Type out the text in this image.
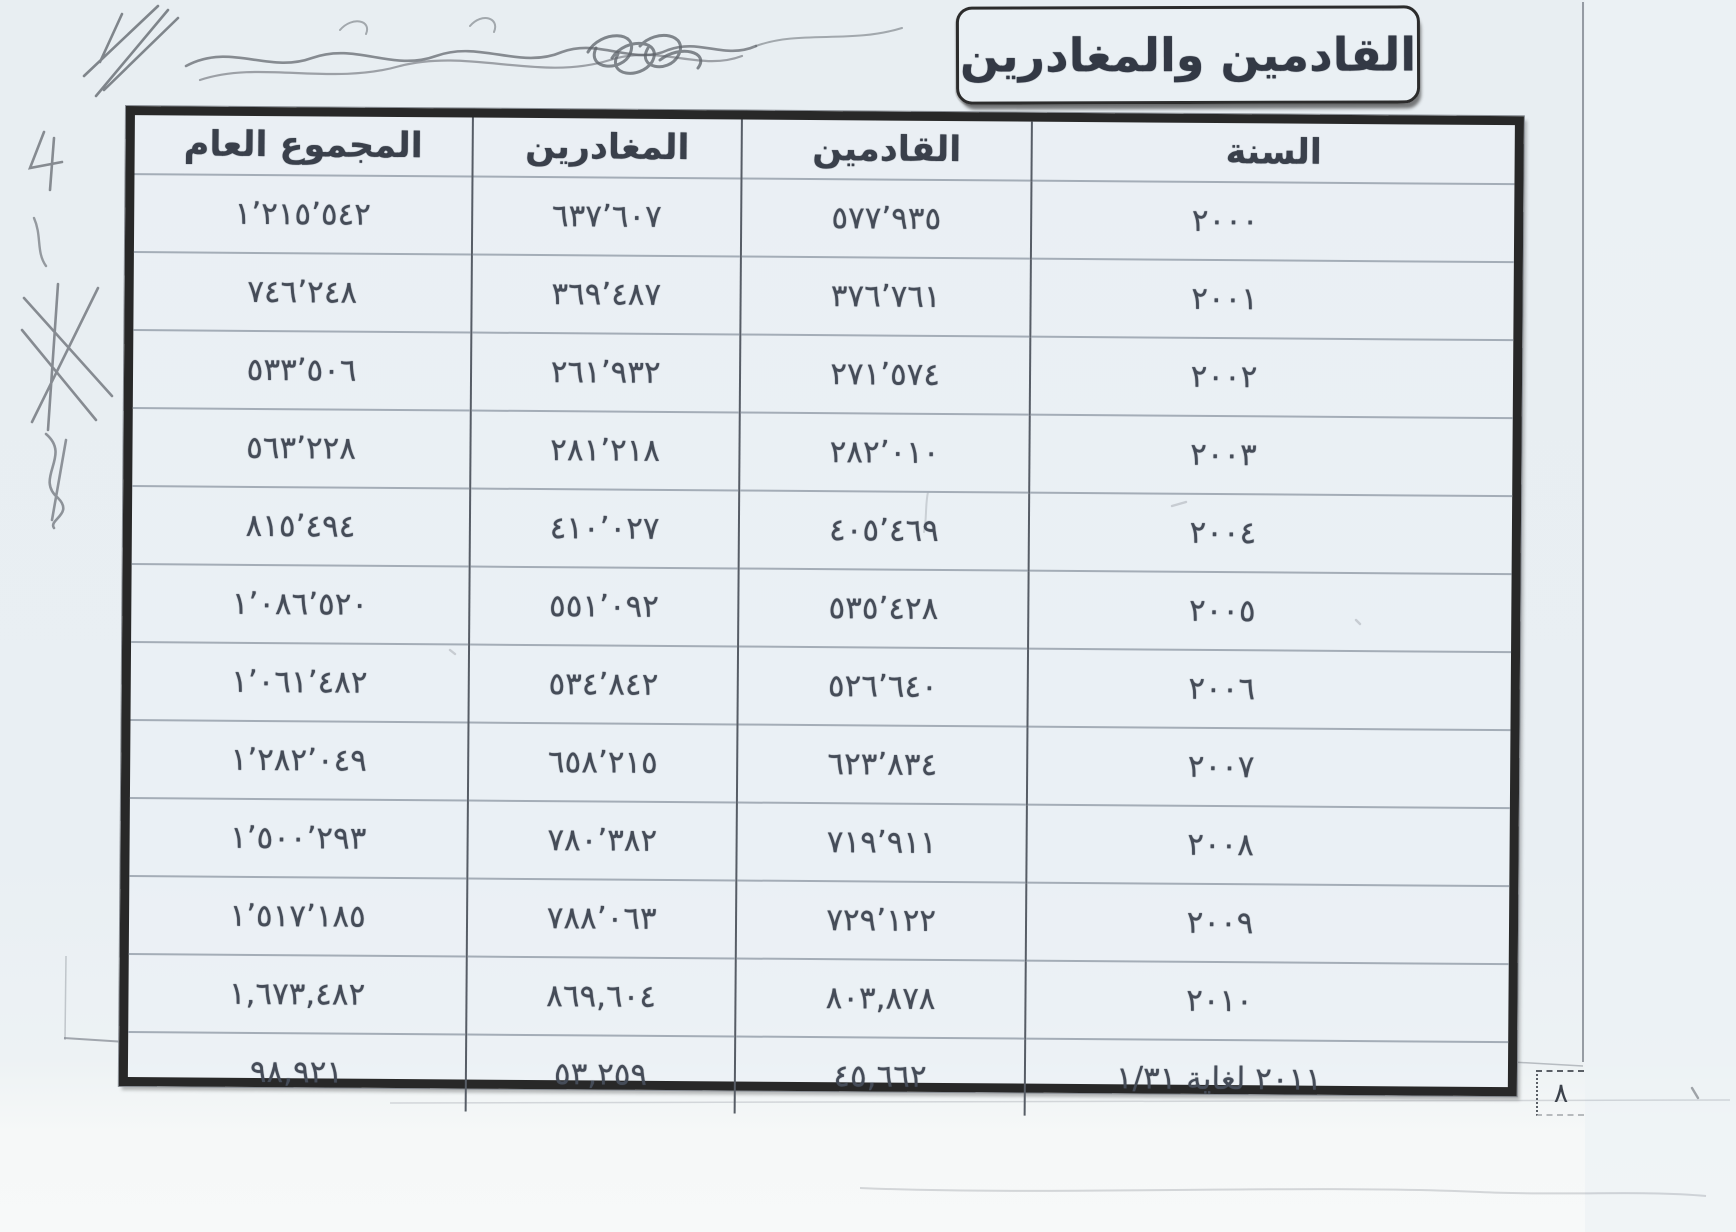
القادمين والمغادرين
السنة	القادمين	المغادرين	المجموع العام
٢٠٠٠	٥٧٧٬٩٣٥	٦٣٧٬٦٠٧	١٬٢١٥٬٥٤٢
٢٠٠١	٣٧٦٬٧٦١	٣٦٩٬٤٨٧	٧٤٦٬٢٤٨
٢٠٠٢	٢٧١٬٥٧٤	٢٦١٬٩٣٢	٥٣٣٬٥٠٦
٢٠٠٣	٢٨٢٬٠١٠	٢٨١٬٢١٨	٥٦٣٬٢٢٨
٢٠٠٤	٤٠٥٬٤٦٩	٤١٠٬٠٢٧	٨١٥٬٤٩٤
٢٠٠٥	٥٣٥٬٤٢٨	٥٥١٬٠٩٢	١٬٠٨٦٬٥٢٠
٢٠٠٦	٥٢٦٬٦٤٠	٥٣٤٬٨٤٢	١٬٠٦١٬٤٨٢
٢٠٠٧	٦٢٣٬٨٣٤	٦٥٨٬٢١٥	١٬٢٨٢٬٠٤٩
٢٠٠٨	٧١٩٬٩١١	٧٨٠٬٣٨٢	١٬٥٠٠٬٢٩٣
٢٠٠٩	٧٢٩٬١٢٢	٧٨٨٬٠٦٣	١٬٥١٧٬١٨٥
٢٠١٠	٨٠٣,٨٧٨	٨٦٩,٦٠٤	١,٦٧٣,٤٨٢
٢٠١١ لغاية ١/٣١	٤٥,٦٦٢	٥٣,٢٥٩	٩٨,٩٢١
٨
